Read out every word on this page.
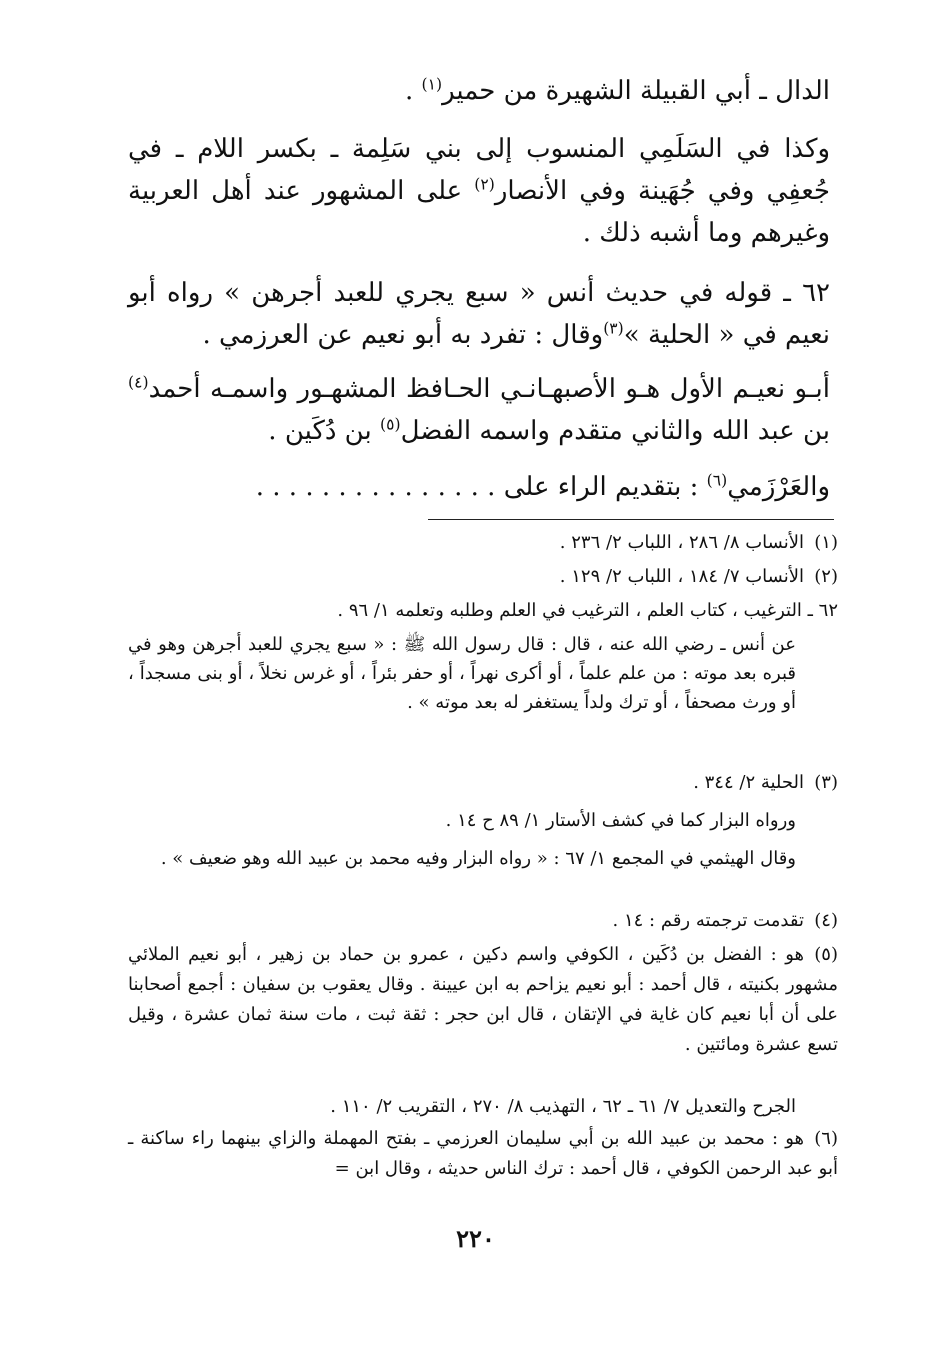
الدال ـ أبي القبيلة الشهيرة من حمير$^{(١)}$ .
وكذا في السَلَمِي المنسوب إلى بني سَلِمة ـ بكسر اللام ـ في جُعفِي وفي جُهَينة وفي الأنصار$^{(٢)}$ على المشهور عند أهل العربية وغيرهم وما أشبه ذلك .
٦٢ ـ قوله في حديث أنس « سبع يجري للعبد أجرهن » رواه أبو نعيم في « الحلية »$^{(٣)}$وقال : تفرد به أبو نعيم عن العرزمي .
أبـو نعيـم الأول هـو الأصبهـانـي الحـافظ المشهـور واسمـه أحمد$^{(٤)}$ بن عبد الله والثاني متقدم واسمه الفضل$^{(٥)}$ بن دُكَين .
والعَرْزَمي$^{(٦)}$ : بتقديم الراء على . . . . . . . . . . . . . . .
(١)الأنساب ٨/ ٢٨٦ ، اللباب ٢/ ٢٣٦ .
(٢)الأنساب ٧/ ١٨٤ ، اللباب ٢/ ١٢٩ .
٦٢ ـ الترغيب ، كتاب العلم ، الترغيب في العلم وطلبه وتعلمه ١/ ٩٦ .
عن أنس ـ رضي الله عنه ، قال : قال رسول الله ﷺ : « سبع يجري للعبد أجرهن وهو في قبره بعد موته : من علم علماً ، أو أكرى نهراً ، أو حفر بئراً ، أو غرس نخلاً ، أو بنى مسجداً ، أو ورث مصحفاً ، أو ترك ولداً يستغفر له بعد موته » .
(٣)الحلية ٢/ ٣٤٤ .
ورواه البزار كما في كشف الأستار ١/ ٨٩ ح ١٤ .
وقال الهيثمي في المجمع ١/ ٦٧ : « رواه البزار وفيه محمد بن عبيد الله وهو ضعيف » .
(٤)تقدمت ترجمته رقم : ١٤ .
(٥)هو : الفضل بن دُكَين ، الكوفي واسم دكين ، عمرو بن حماد بن زهير ، أبو نعيم الملائي مشهور بكنيته ، قال أحمد : أبو نعيم يزاحم به ابن عيينة . وقال يعقوب بن سفيان : أجمع أصحابنا على أن أبا نعيم كان غاية في الإتقان ، قال ابن حجر : ثقة ثبت ، مات سنة ثمان عشرة ، وقيل تسع عشرة ومائتين .
الجرح والتعديل ٧/ ٦١ ـ ٦٢ ، التهذيب ٨/ ٢٧٠ ، التقريب ٢/ ١١٠ .
(٦)هو : محمد بن عبيد الله بن أبي سليمان العرزمي ـ بفتح المهملة والزاي بينهما راء ساكنة ـ أبو عبد الرحمن الكوفي ، قال أحمد : ترك الناس حديثه ، وقال ابن =
٢٢٠
